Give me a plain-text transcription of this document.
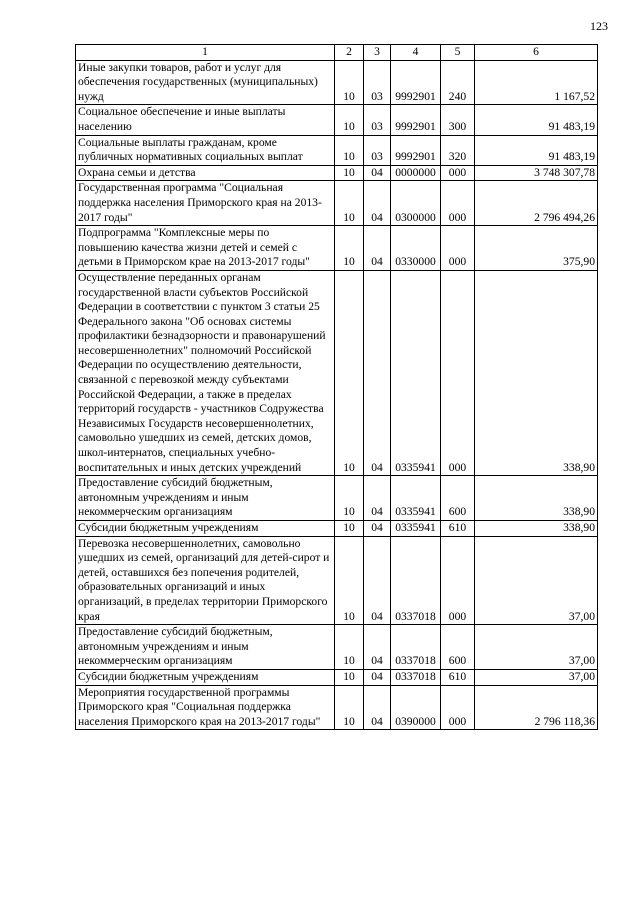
123
1	2	3	4	5	6
Иные закупки товаров, работ и услуг для обеспечения государственных (муниципальных) нужд	10	03	9992901	240	1 167,52
Социальное обеспечение и иные выплаты населению	10	03	9992901	300	91 483,19
Социальные выплаты гражданам, кроме публичных нормативных социальных выплат	10	03	9992901	320	91 483,19
Охрана семьи и детства	10	04	0000000	000	3 748 307,78
Государственная программа "Социальная поддержка населения Приморского края на 2013-2017 годы"	10	04	0300000	000	2 796 494,26
Подпрограмма "Комплексные меры по повышению качества жизни детей и семей с детьми в Приморском крае на 2013-2017 годы"	10	04	0330000	000	375,90
Осуществление переданных органам государственной власти субъектов Российской Федерации в соответствии с пунктом 3 статьи 25 Федерального закона "Об основах системы профилактики безнадзорности и правонарушений несовершеннолетних" полномочий Российской Федерации по осуществлению деятельности, связанной с перевозкой между субъектами Российской Федерации, а также в пределах территорий государств - участников Содружества Независимых Государств несовершеннолетних, самовольно ушедших из семей, детских домов, школ-интернатов, специальных учебно-воспитательных и иных детских учреждений	10	04	0335941	000	338,90
Предоставление субсидий бюджетным, автономным учреждениям и иным некоммерческим организациям	10	04	0335941	600	338,90
Субсидии бюджетным учреждениям	10	04	0335941	610	338,90
Перевозка несовершеннолетних, самовольно ушедших из семей, организаций для детей-сирот и детей, оставшихся без попечения родителей, образовательных организаций и иных организаций, в пределах территории Приморского края	10	04	0337018	000	37,00
Предоставление субсидий бюджетным, автономным учреждениям и иным некоммерческим организациям	10	04	0337018	600	37,00
Субсидии бюджетным учреждениям	10	04	0337018	610	37,00
Мероприятия государственной программы Приморского края "Социальная поддержка населения Приморского края на 2013-2017 годы"	10	04	0390000	000	2 796 118,36
